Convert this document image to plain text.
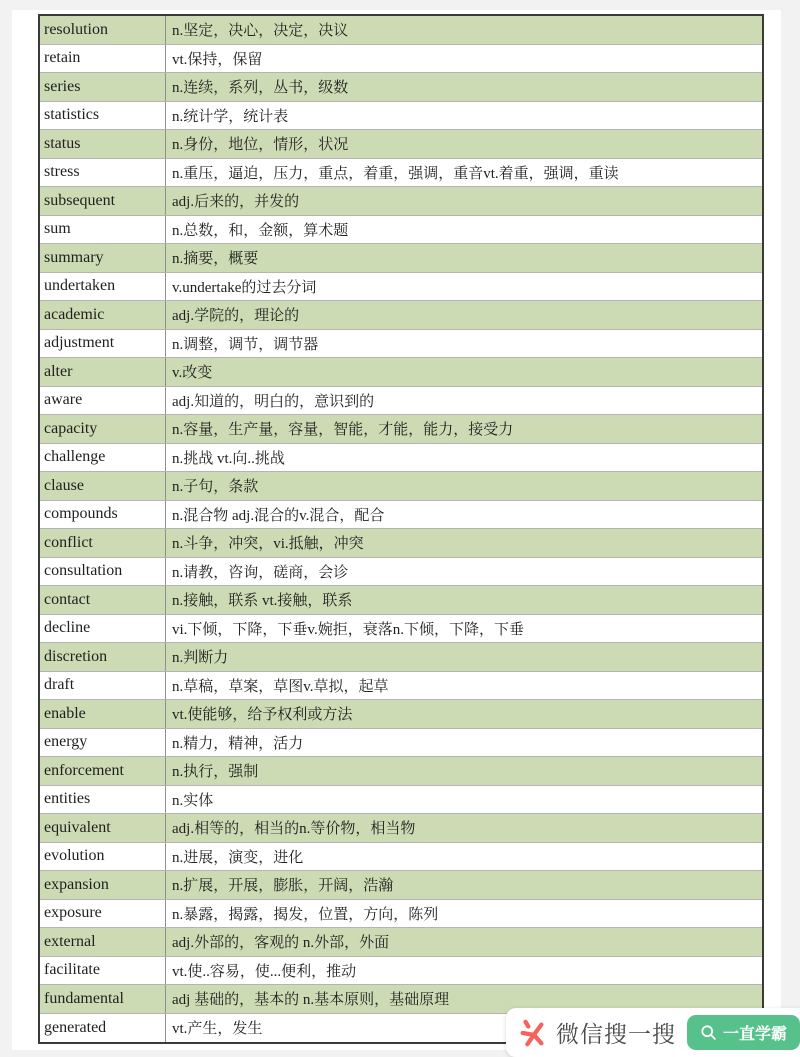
resolution	n.坚定，决心，决定，决议
retain	vt.保持，保留
series	n.连续，系列，丛书，级数
statistics	n.统计学，统计表
status	n.身份，地位，情形，状况
stress	n.重压，逼迫，压力，重点，着重，强调，重音vt.着重，强调，重读
subsequent	adj.后来的，并发的
sum	n.总数，和，金额，算术题
summary	n.摘要，概要
undertaken	v.undertake的过去分词
academic	adj.学院的，理论的
adjustment	n.调整，调节，调节器
alter	v.改变
aware	adj.知道的，明白的，意识到的
capacity	n.容量，生产量，容量，智能，才能，能力，接受力
challenge	n.挑战 vt.向..挑战
clause	n.子句，条款
compounds	n.混合物 adj.混合的v.混合，配合
conflict	n.斗争，冲突，vi.抵触，冲突
consultation	n.请教，咨询，磋商，会诊
contact	n.接触，联系 vt.接触，联系
decline	vi.下倾，下降，下垂v.婉拒，衰落n.下倾，下降，下垂
discretion	n.判断力
draft	n.草稿，草案，草图v.草拟，起草
enable	vt.使能够，给予权利或方法
energy	n.精力，精神，活力
enforcement	n.执行，强制
entities	n.实体
equivalent	adj.相等的，相当的n.等价物，相当物
evolution	n.进展，演变，进化
expansion	n.扩展，开展，膨胀，开阔，浩瀚
exposure	n.暴露，揭露，揭发，位置，方向，陈列
external	adj.外部的，客观的 n.外部，外面
facilitate	vt.使..容易，使...便利，推动
fundamental	adj 基础的，基本的 n.基本原则，基础原理
generated	vt.产生，发生	微信搜一搜	一直学霸
